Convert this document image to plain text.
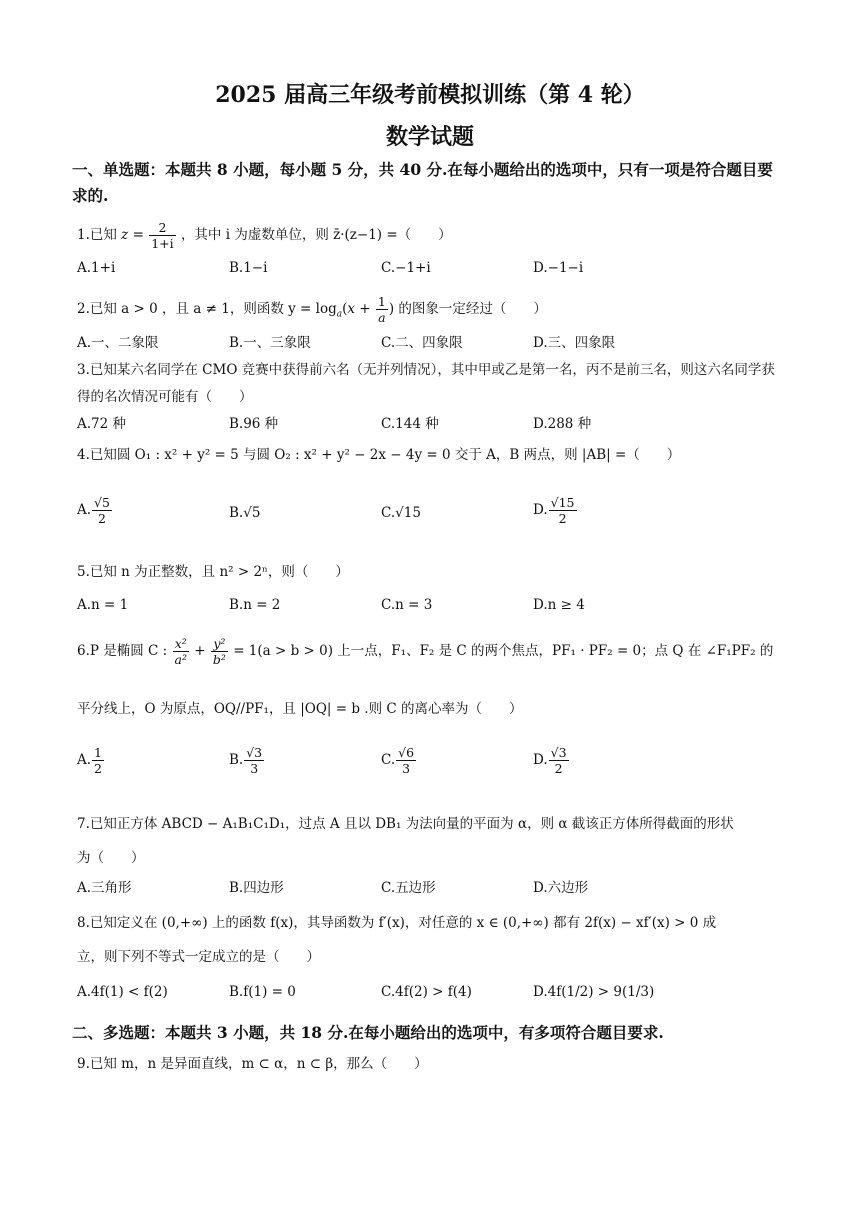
2025 届高三年级考前模拟训练（第 4 轮）
数学试题
一、单选题：本题共 8 小题，每小题 5 分，共 40 分.在每小题给出的选项中，只有一项是符合题目要求的.
1.已知 $z = \frac{2}{1+i}$ ，其中 i 为虚数单位，则 z̄·(z−1) =（　　）
A.1+i	B.1−i	C.−1+i	D.−1−i
2.已知 a > 0 ，且 a ≠ 1，则函数 $y = \log_a(x + \frac{1}{a}$ ) 的图象一定经过（　　）
A.一、二象限	B.一、三象限	C.二、四象限	D.三、四象限
3.已知某六名同学在 CMO 竞赛中获得前六名（无并列情况），其中甲或乙是第一名，丙不是前三名，则这六名同学获得的名次情况可能有（　　）
A.72 种	B.96 种	C.144 种	D.288 种
4.已知圆 O₁ : x² + y² = 5 与圆 O₂ : x² + y² − 2x − 4y = 0 交于 A，B 两点，则 |AB| =（　　）
A. $\frac{√5}{2}$	B.√5	C.√15	D. $\frac{√15}{2}$
5.已知 n 为正整数，且 n² > 2ⁿ，则（　　）
A.n = 1	B.n = 2	C.n = 3	D.n ≥ 4
6.P 是椭圆 C : $\frac{\text{x²}}{\text{a²}} + \frac{\text{y²}}{\text{b²}} = 1(a > b > 0)$ 上一点，F₁、F₂ 是 C 的两个焦点，PF₁ · PF₂ = 0；点 Q 在 ∠F₁PF₂ 的
平分线上，O 为原点，OQ//PF₁，且 |OQ| = b .则 C 的离心率为（　　）
A. $\frac{1}{2}$	B. $\frac{√3}{3}$	C. $\frac{√6}{3}$	D. $\frac{√3}{2}$
7.已知正方体 ABCD − A₁B₁C₁D₁，过点 A 且以 DB₁ 为法向量的平面为 α，则 α 截该正方体所得截面的形状
为（　　）
A.三角形	B.四边形	C.五边形	D.六边形
8.已知定义在 (0,+∞) 上的函数 f(x)，其导函数为 f′(x)，对任意的 x ∈ (0,+∞) 都有 2f(x) − xf′(x) > 0 成
立，则下列不等式一定成立的是（　　）
A.4f(1) < f(2)	B.f(1) = 0	C.4f(2) > f(4)	D.4f(1/2) > 9(1/3)
二、多选题：本题共 3 小题，共 18 分.在每小题给出的选项中，有多项符合题目要求.
9.已知 m，n 是异面直线，m ⊂ α，n ⊂ β，那么（　　）
